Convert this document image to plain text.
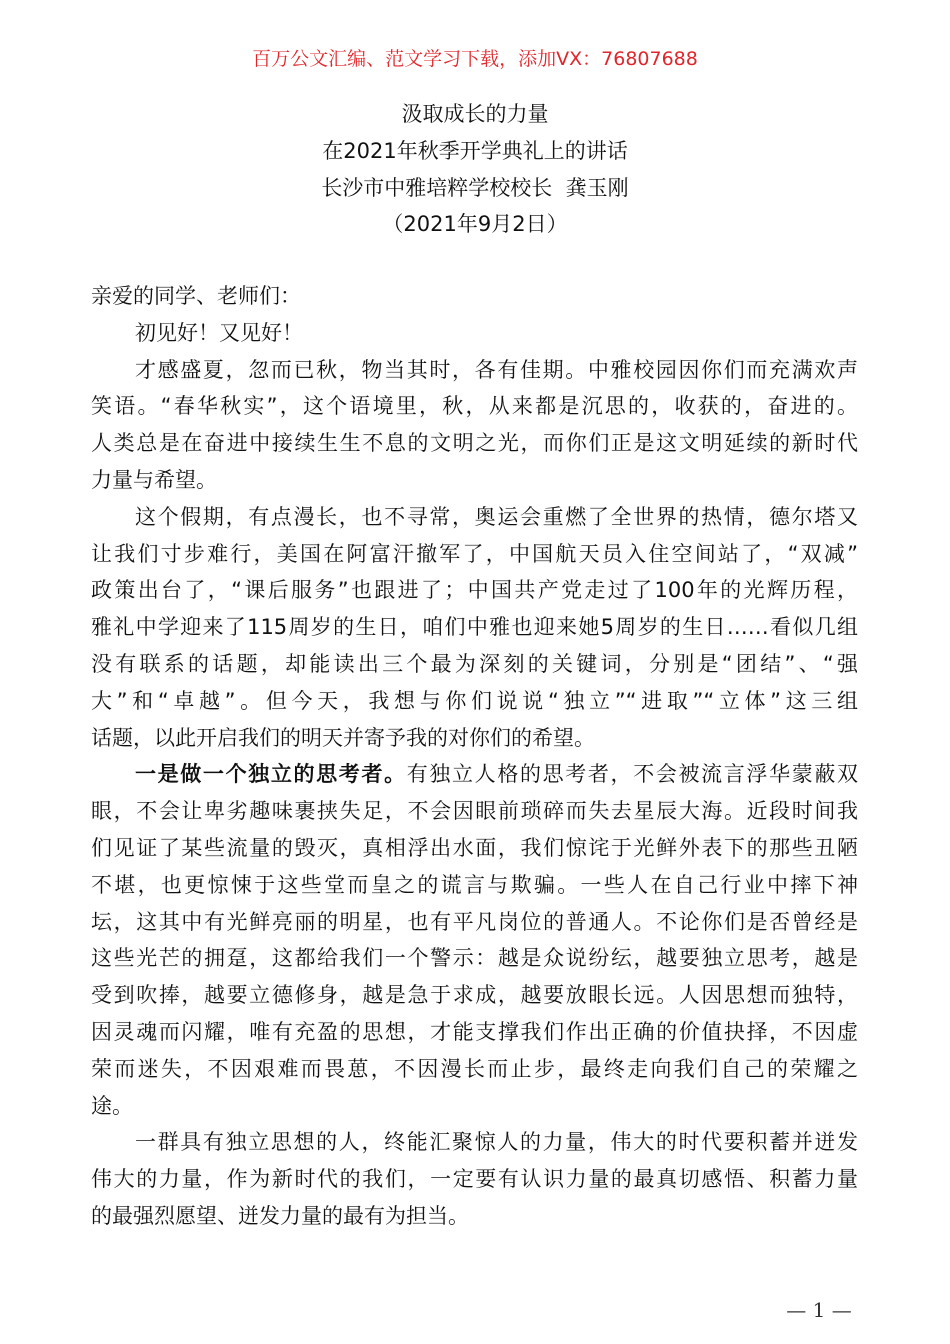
百万公文汇编、范文学习下载，添加VX：76807688
汲取成长的力量
在2021年秋季开学典礼上的讲话
长沙市中雅培粹学校校长  龚玉刚
（2021年9月2日）
亲爱的同学、老师们：
初见好！又见好！
才感盛夏，忽而已秋，物当其时，各有佳期。中雅校园因你们而充满欢声
笑语。“春华秋实”，这个语境里，秋，从来都是沉思的，收获的，奋进的。
人类总是在奋进中接续生生不息的文明之光，而你们正是这文明延续的新时代
力量与希望。
这个假期，有点漫长，也不寻常，奥运会重燃了全世界的热情，德尔塔又
让我们寸步难行，美国在阿富汗撤军了，中国航天员入住空间站了，“双减”
政策出台了，“课后服务”也跟进了；中国共产党走过了100年的光辉历程，
雅礼中学迎来了115周岁的生日，咱们中雅也迎来她5周岁的生日……看似几组
没有联系的话题，却能读出三个最为深刻的关键词，分别是“团结”、“强
大”和“卓越”。但今天，我想与你们说说“独立”“进取”“立体”这三组
话题，以此开启我们的明天并寄予我的对你们的希望。
一是做一个独立的思考者。有独立人格的思考者，不会被流言浮华蒙蔽双
眼，不会让卑劣趣味裹挟失足，不会因眼前琐碎而失去星辰大海。近段时间我
们见证了某些流量的毁灭，真相浮出水面，我们惊诧于光鲜外表下的那些丑陋
不堪，也更惊悚于这些堂而皇之的谎言与欺骗。一些人在自己行业中摔下神
坛，这其中有光鲜亮丽的明星，也有平凡岗位的普通人。不论你们是否曾经是
这些光芒的拥趸，这都给我们一个警示：越是众说纷纭，越要独立思考，越是
受到吹捧，越要立德修身，越是急于求成，越要放眼长远。人因思想而独特，
因灵魂而闪耀，唯有充盈的思想，才能支撑我们作出正确的价值抉择，不因虚
荣而迷失，不因艰难而畏葸，不因漫长而止步，最终走向我们自己的荣耀之
途。
一群具有独立思想的人，终能汇聚惊人的力量，伟大的时代要积蓄并迸发
伟大的力量，作为新时代的我们，一定要有认识力量的最真切感悟、积蓄力量
的最强烈愿望、迸发力量的最有为担当。
— 1 —
